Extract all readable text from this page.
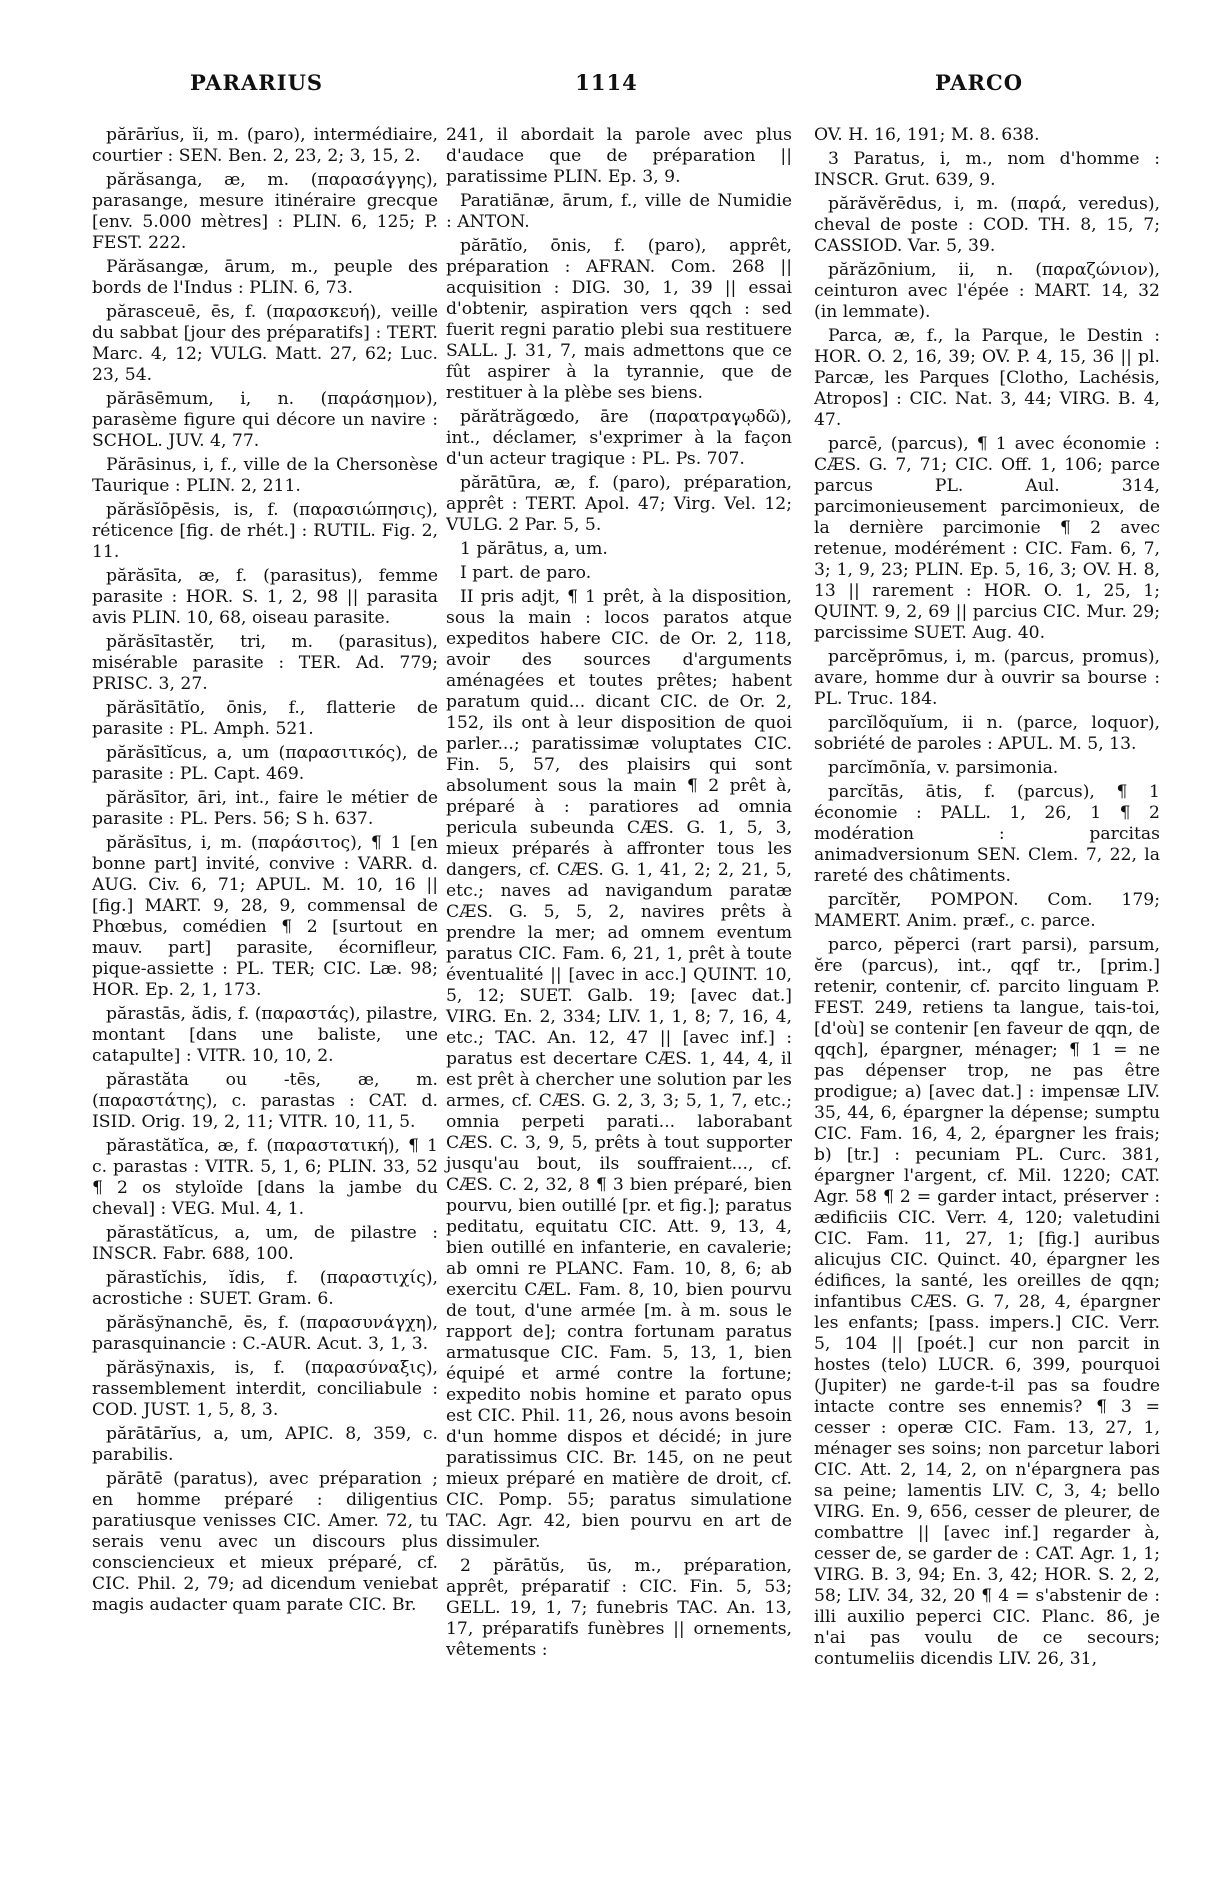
PARARIUS	1114	PARCO

părārĭus, ĭi, m. (paro), intermédiaire, courtier : SEN. Ben. 2, 23, 2; 3, 15, 2.

părăsanga, æ, m. (παρασάγγης), parasange, mesure itinéraire grecque [env. 5.000 mètres] : PLIN. 6, 125; P. FEST. 222.

Părăsangæ, ārum, m., peuple des bords de l'Indus : PLIN. 6, 73.

părasceuē, ēs, f. (παρασκευή), veille du sabbat [jour des préparatifs] : TERT. Marc. 4, 12; VULG. Matt. 27, 62; Luc. 23, 54.

părāsēmum, i, n. (παράσημον), parasème figure qui décore un navire : SCHOL. JUV. 4, 77.

Părāsinus, i, f., ville de la Chersonèse Taurique : PLIN. 2, 211.

părăsĭōpēsis, is, f. (παρασιώπησις), réticence [fig. de rhét.] : RUTIL. Fig. 2, 11.

părăsīta, æ, f. (parasitus), femme parasite : HOR. S. 1, 2, 98 || parasita avis PLIN. 10, 68, oiseau parasite.

părăsītastĕr, tri, m. (parasitus), misérable parasite : TER. Ad. 779; PRISC. 3, 27.

părăsītātĭo, ōnis, f., flatterie de parasite : PL. Amph. 521.

părăsītĭcus, a, um (παρασιτικός), de parasite : PL. Capt. 469.

părăsītor, āri, int., faire le métier de parasite : PL. Pers. 56; S h. 637.

părăsītus, i, m. (παράσιτος), ¶ 1 [en bonne part] invité, convive : VARR. d. AUG. Civ. 6, 71; APUL. M. 10, 16 || [fig.] MART. 9, 28, 9, commensal de Phœbus, comédien ¶ 2 [surtout en mauv. part] parasite, écornifleur, pique-assiette : PL. TER; CIC. Læ. 98; HOR. Ep. 2, 1, 173.

părastās, ădis, f. (παραστάς), pilastre, montant [dans une baliste, une catapulte] : VITR. 10, 10, 2.

părastăta ou -tēs, æ, m. (παραστάτης), c. parastas : CAT. d. ISID. Orig. 19, 2, 11; VITR. 10, 11, 5.

părastătĭca, æ, f. (παραστατική), ¶ 1 c. parastas : VITR. 5, 1, 6; PLIN. 33, 52 ¶ 2 os styloïde [dans la jambe du cheval] : VEG. Mul. 4, 1.

părastătĭcus, a, um, de pilastre : INSCR. Fabr. 688, 100.

părastĭchis, ĭdis, f. (παραστιχίς), acrostiche : SUET. Gram. 6.

părăsўnanchē, ēs, f. (παρασυνάγχη), parasquinancie : C.-AUR. Acut. 3, 1, 3.

părăsўnaxis, is, f. (παρασύναξις), rassemblement interdit, conciliabule : COD. JUST. 1, 5, 8, 3.

părātārĭus, a, um, APIC. 8, 359, c. parabilis.

părātē (paratus), avec préparation ; en homme préparé : diligentius paratiusque venisses CIC. Amer. 72, tu serais venu avec un discours plus consciencieux et mieux préparé, cf. CIC. Phil. 2, 79; ad dicendum veniebat magis audacter quam parate CIC. Br.

241, il abordait la parole avec plus d'audace que de préparation || paratissime PLIN. Ep. 3, 9.

Paratiānæ, ārum, f., ville de Numidie : ANTON.

părātĭo, ōnis, f. (paro), apprêt, préparation : AFRAN. Com. 268 || acquisition : DIG. 30, 1, 39 || essai d'obtenir, aspiration vers qqch : sed fuerit regni paratio plebi sua restituere SALL. J. 31, 7, mais admettons que ce fût aspirer à la tyrannie, que de restituer à la plèbe ses biens.

părătrăgœdo, āre (παρατραγῳδῶ), int., déclamer, s'exprimer à la façon d'un acteur tragique : PL. Ps. 707.

părātūra, æ, f. (paro), préparation, apprêt : TERT. Apol. 47; Virg. Vel. 12; VULG. 2 Par. 5, 5.

1 părātus, a, um.

I part. de paro.

II pris adjt, ¶ 1 prêt, à la disposition, sous la main : locos paratos atque expeditos habere CIC. de Or. 2, 118, avoir des sources d'arguments aménagées et toutes prêtes; habent paratum quid... dicant CIC. de Or. 2, 152, ils ont à leur disposition de quoi parler...; paratissimæ voluptates CIC. Fin. 5, 57, des plaisirs qui sont absolument sous la main ¶ 2 prêt à, préparé à : paratiores ad omnia pericula subeunda CÆS. G. 1, 5, 3, mieux préparés à affronter tous les dangers, cf. CÆS. G. 1, 41, 2; 2, 21, 5, etc.; naves ad navigandum paratæ CÆS. G. 5, 5, 2, navires prêts à prendre la mer; ad omnem eventum paratus CIC. Fam. 6, 21, 1, prêt à toute éventualité || [avec in acc.] QUINT. 10, 5, 12; SUET. Galb. 19; [avec dat.] VIRG. En. 2, 334; LIV. 1, 1, 8; 7, 16, 4, etc.; TAC. An. 12, 47 || [avec inf.] : paratus est decertare CÆS. 1, 44, 4, il est prêt à chercher une solution par les armes, cf. CÆS. G. 2, 3, 3; 5, 1, 7, etc.; omnia perpeti parati... laborabant CÆS. C. 3, 9, 5, prêts à tout supporter jusqu'au bout, ils souffraient..., cf. CÆS. C. 2, 32, 8 ¶ 3 bien préparé, bien pourvu, bien outillé [pr. et fig.]; paratus peditatu, equitatu CIC. Att. 9, 13, 4, bien outillé en infanterie, en cavalerie; ab omni re PLANC. Fam. 10, 8, 6; ab exercitu CÆL. Fam. 8, 10, bien pourvu de tout, d'une armée [m. à m. sous le rapport de]; contra fortunam paratus armatusque CIC. Fam. 5, 13, 1, bien équipé et armé contre la fortune; expedito nobis homine et parato opus est CIC. Phil. 11, 26, nous avons besoin d'un homme dispos et décidé; in jure paratissimus CIC. Br. 145, on ne peut mieux préparé en matière de droit, cf. CIC. Pomp. 55; paratus simulatione TAC. Agr. 42, bien pourvu en art de dissimuler.

2 părātŭs, ūs, m., préparation, apprêt, préparatif : CIC. Fin. 5, 53; GELL. 19, 1, 7; funebris TAC. An. 13, 17, préparatifs funèbres || ornements, vêtements :

OV. H. 16, 191; M. 8. 638.

3 Paratus, i, m., nom d'homme : INSCR. Grut. 639, 9.

părăvĕrēdus, i, m. (παρά, veredus), cheval de poste : COD. TH. 8, 15, 7; CASSIOD. Var. 5, 39.

părăzōnium, ii, n. (παραζώνιον), ceinturon avec l'épée : MART. 14, 32 (in lemmate).

Parca, æ, f., la Parque, le Destin : HOR. O. 2, 16, 39; OV. P. 4, 15, 36 || pl. Parcæ, les Parques [Clotho, Lachésis, Atropos] : CIC. Nat. 3, 44; VIRG. B. 4, 47.

parcē, (parcus), ¶ 1 avec économie : CÆS. G. 7, 71; CIC. Off. 1, 106; parce parcus PL. Aul. 314, parcimonieusement parcimonieux, de la dernière parcimonie ¶ 2 avec retenue, modérément : CIC. Fam. 6, 7, 3; 1, 9, 23; PLIN. Ep. 5, 16, 3; OV. H. 8, 13 || rarement : HOR. O. 1, 25, 1; QUINT. 9, 2, 69 || parcius CIC. Mur. 29; parcissime SUET. Aug. 40.

parcĕprōmus, i, m. (parcus, promus), avare, homme dur à ouvrir sa bourse : PL. Truc. 184.

parcĭlŏquĭum, ii n. (parce, loquor), sobriété de paroles : APUL. M. 5, 13.

parcĭmōnĭa, v. parsimonia.

parcĭtās, ātis, f. (parcus), ¶ 1 économie : PALL. 1, 26, 1 ¶ 2 modération : parcitas animadversionum SEN. Clem. 7, 22, la rareté des châtiments.

parcĭtĕr, POMPON. Com. 179; MAMERT. Anim. præf., c. parce.

parco, pĕperci (rart parsi), parsum, ĕre (parcus), int., qqf tr., [prim.] retenir, contenir, cf. parcito linguam P. FEST. 249, retiens ta langue, tais-toi, [d'où] se contenir [en faveur de qqn, de qqch], épargner, ménager; ¶ 1 = ne pas dépenser trop, ne pas être prodigue; a) [avec dat.] : impensæ LIV. 35, 44, 6, épargner la dépense; sumptu CIC. Fam. 16, 4, 2, épargner les frais; b) [tr.] : pecuniam PL. Curc. 381, épargner l'argent, cf. Mil. 1220; CAT. Agr. 58 ¶ 2 = garder intact, préserver : ædificiis CIC. Verr. 4, 120; valetudini CIC. Fam. 11, 27, 1; [fig.] auribus alicujus CIC. Quinct. 40, épargner les édifices, la santé, les oreilles de qqn; infantibus CÆS. G. 7, 28, 4, épargner les enfants; [pass. impers.] CIC. Verr. 5, 104 || [poét.] cur non parcit in hostes (telo) LUCR. 6, 399, pourquoi (Jupiter) ne garde-t-il pas sa foudre intacte contre ses ennemis? ¶ 3 = cesser : operæ CIC. Fam. 13, 27, 1, ménager ses soins; non parcetur labori CIC. Att. 2, 14, 2, on n'épargnera pas sa peine; lamentis LIV. C, 3, 4; bello VIRG. En. 9, 656, cesser de pleurer, de combattre || [avec inf.] regarder à, cesser de, se garder de : CAT. Agr. 1, 1; VIRG. B. 3, 94; En. 3, 42; HOR. S. 2, 2, 58; LIV. 34, 32, 20 ¶ 4 = s'abstenir de : illi auxilio peperci CIC. Planc. 86, je n'ai pas voulu de ce secours; contumeliis dicendis LIV. 26, 31,
